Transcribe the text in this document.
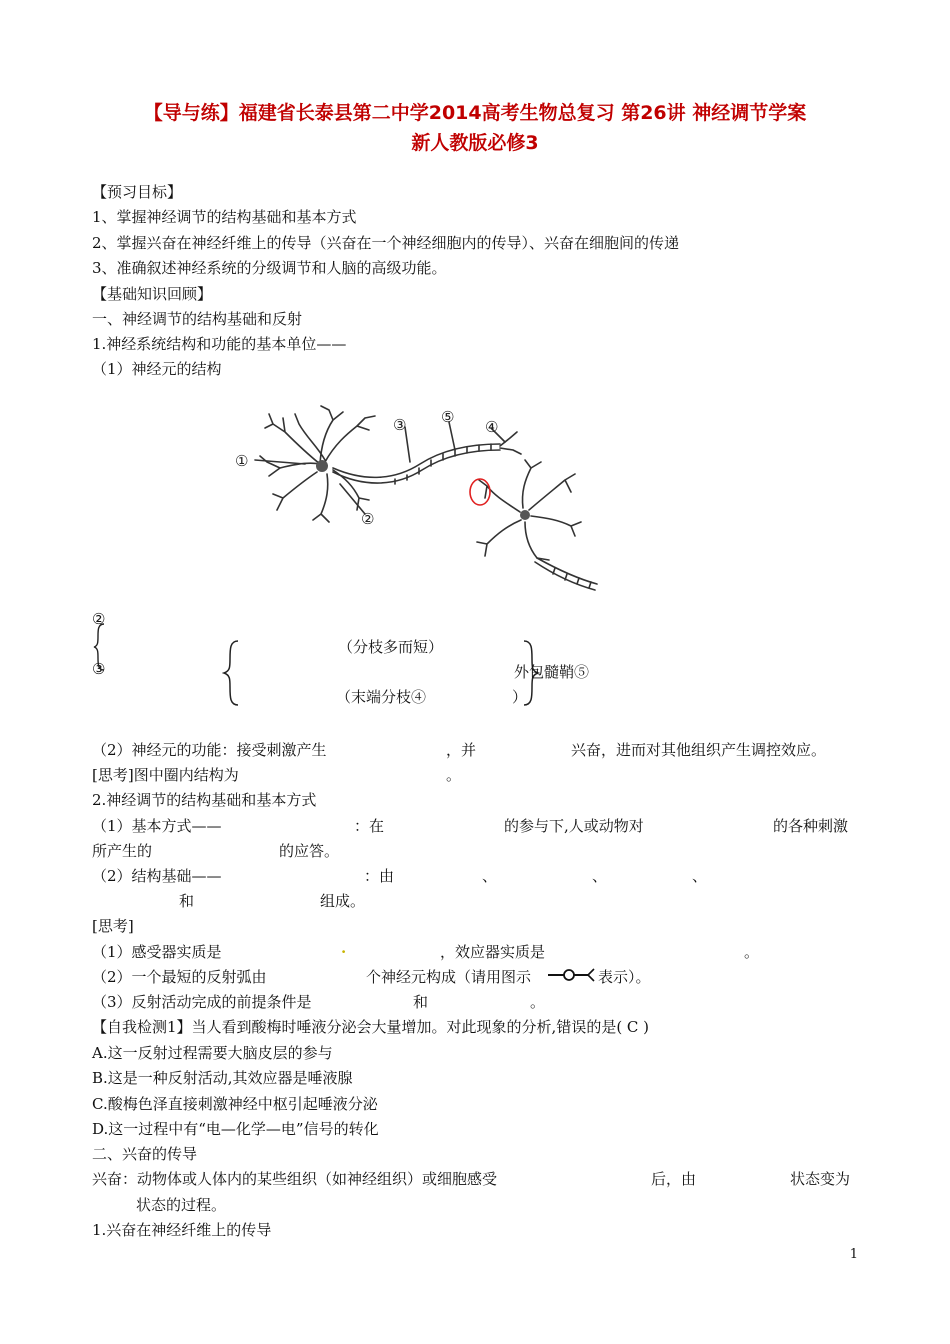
【导与练】福建省长泰县第二中学2014高考生物总复习 第26讲 神经调节学案
新人教版必修3
【预习目标】
1、掌握神经调节的结构基础和基本方式
2、掌握兴奋在神经纤维上的传导（兴奋在一个神经细胞内的传导）、兴奋在细胞间的传递
3、准确叙述神经系统的分级调节和人脑的高级功能。
【基础知识回顾】
一、神经调节的结构基础和反射
1.神经系统结构和功能的基本单位——
（1）神经元的结构
①
②
③	④
⑤
②
③
（分枝多而短）
外包髓鞘⑤
（末端分枝④	）
（2）神经元的功能：接受刺激产生	，并	兴奋，进而对其他组织产生调控效应。
[思考]图中圈内结构为	。
2.神经调节的结构基础和基本方式
（1）基本方式——	：在	的参与下,人或动物对	的各种刺激
所产生的	的应答。
（2）结构基础——	：由	、	、	、
和	组成。
[思考]
（1）感受器实质是	.	，效应器实质是	。
（2）一个最短的反射弧由	个神经元构成（请用图示	表示）。
（3）反射活动完成的前提条件是	和	。
【自我检测1】当人看到酸梅时唾液分泌会大量增加。对此现象的分析,错误的是( C )
A.这一反射过程需要大脑皮层的参与
B.这是一种反射活动,其效应器是唾液腺
C.酸梅色泽直接刺激神经中枢引起唾液分泌
D.这一过程中有“电—化学—电”信号的转化
二、兴奋的传导
兴奋：动物体或人体内的某些组织（如神经组织）或细胞感受	后，由	状态变为
状态的过程。
1.兴奋在神经纤维上的传导
1
